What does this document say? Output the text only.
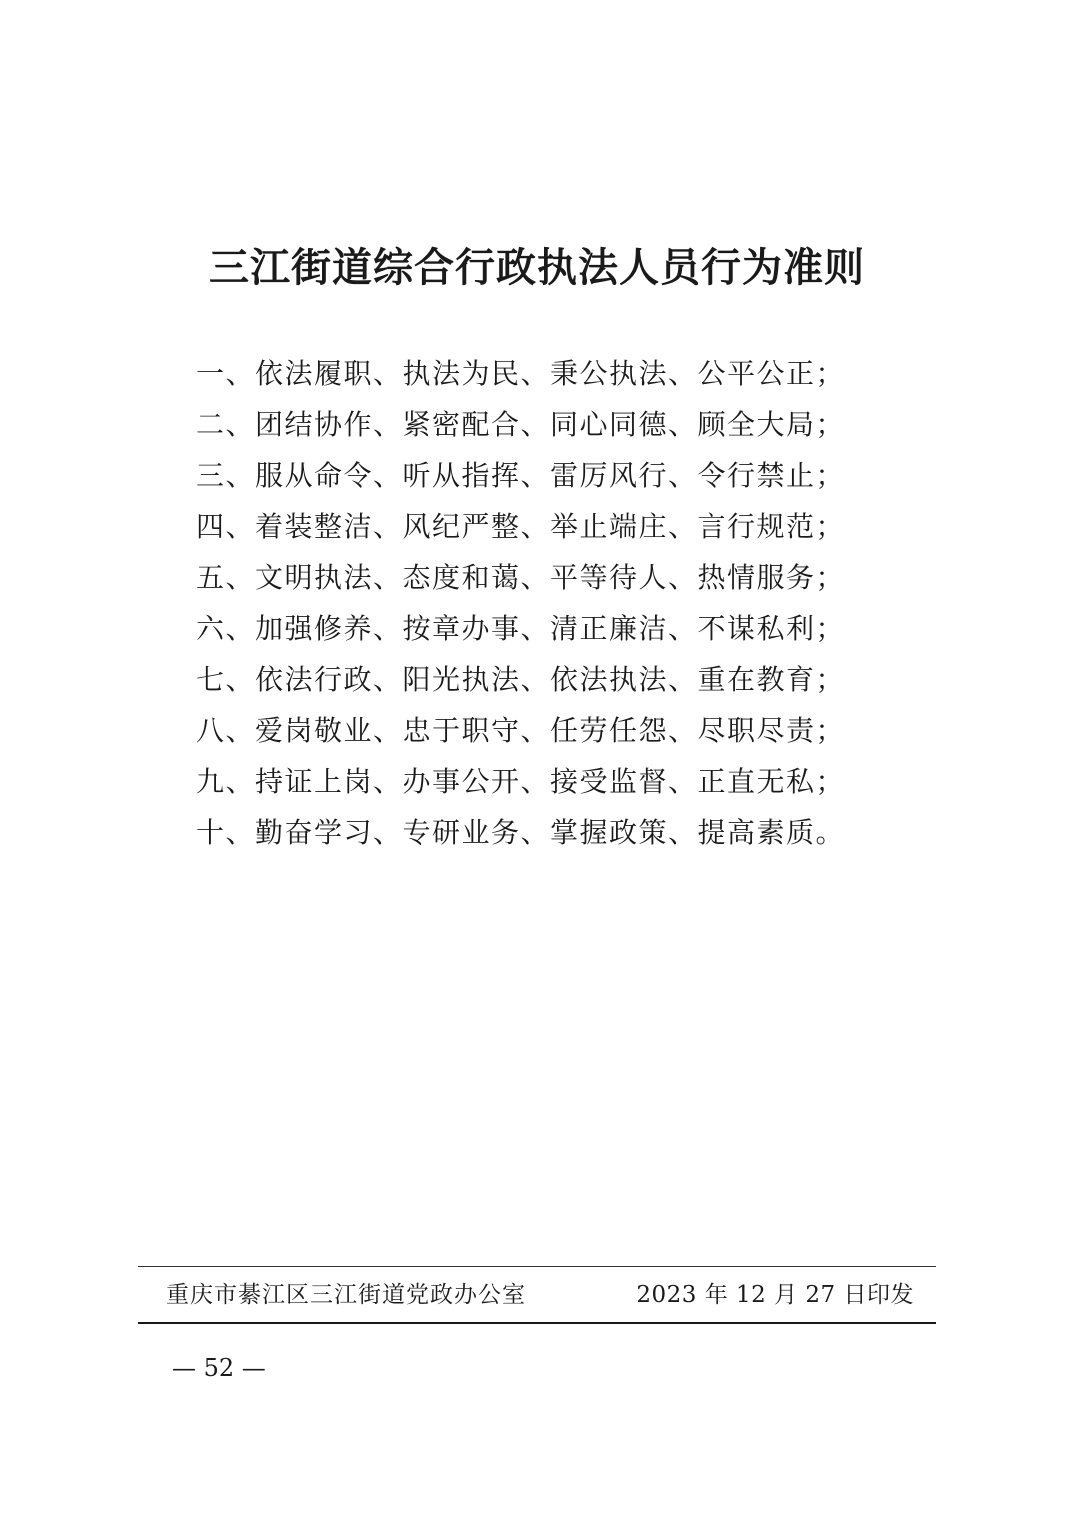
三江街道综合行政执法人员行为准则
一、依法履职、执法为民、秉公执法、公平公正；
二、团结协作、紧密配合、同心同德、顾全大局；
三、服从命令、听从指挥、雷厉风行、令行禁止；
四、着装整洁、风纪严整、举止端庄、言行规范；
五、文明执法、态度和蔼、平等待人、热情服务；
六、加强修养、按章办事、清正廉洁、不谋私利；
七、依法行政、阳光执法、依法执法、重在教育；
八、爱岗敬业、忠于职守、任劳任怨、尽职尽责；
九、持证上岗、办事公开、接受监督、正直无私；
十、勤奋学习、专研业务、掌握政策、提高素质。
重庆市綦江区三江街道党政办公室	2023 年 12 月 27 日印发
— 52 —
